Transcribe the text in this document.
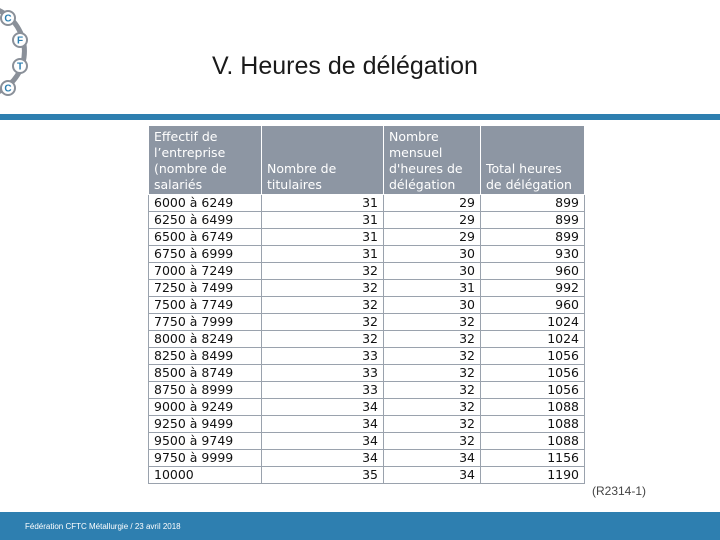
C
F
T
C
V. Heures de délégation
Effectif de l’entreprise (nombre de salariés	Nombre de titulaires	Nombre mensuel d'heures de délégation	Total heures de délégation
6000 à 6249	31	29	899
6250 à 6499	31	29	899
6500 à 6749	31	29	899
6750 à 6999	31	30	930
7000 à 7249	32	30	960
7250 à 7499	32	31	992
7500 à 7749	32	30	960
7750 à 7999	32	32	1024
8000 à 8249	32	32	1024
8250 à 8499	33	32	1056
8500 à 8749	33	32	1056
8750 à 8999	33	32	1056
9000 à 9249	34	32	1088
9250 à 9499	34	32	1088
9500 à 9749	34	32	1088
9750 à 9999	34	34	1156
10000	35	34	1190
(R2314-1)
Fédération CFTC Métallurgie / 23 avril 2018
